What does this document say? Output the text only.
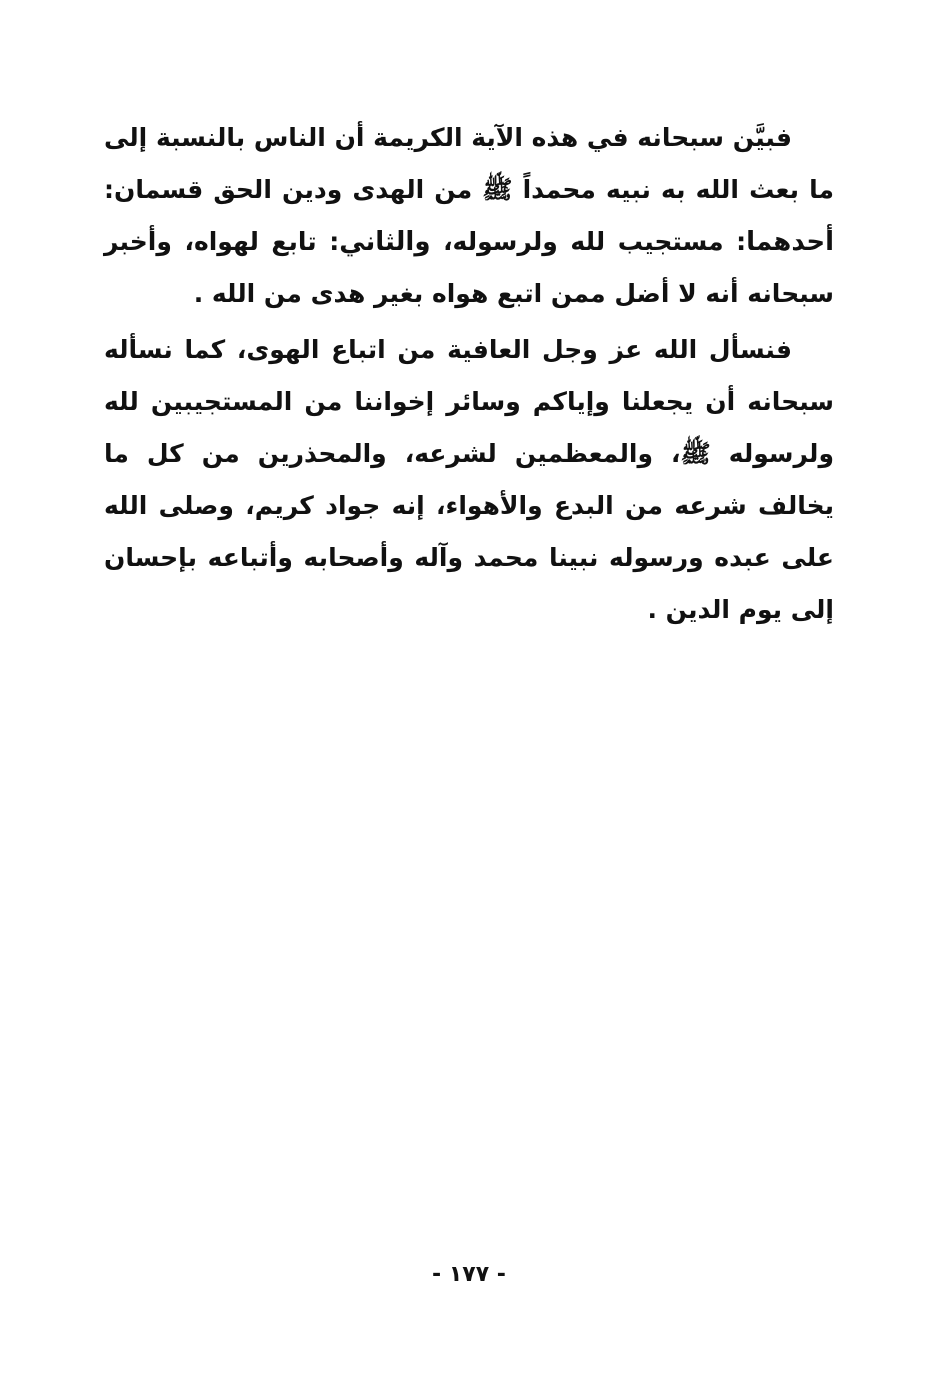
فبيَّن سبحانه في هذه الآية الكريمة أن الناس بالنسبة إلى ما بعث الله به نبيه محمداً ﷺ من الهدى ودين الحق قسمان: أحدهما: مستجيب لله ولرسوله، والثاني: تابع لهواه، وأخبر سبحانه أنه لا أضل ممن اتبع هواه بغير هدى من الله .

فنسأل الله عز وجل العافية من اتباع الهوى، كما نسأله سبحانه أن يجعلنا وإياكم وسائر إخواننا من المستجيبين لله ولرسوله ﷺ، والمعظمين لشرعه، والمحذرين من كل ما يخالف شرعه من البدع والأهواء، إنه جواد كريم، وصلى الله على عبده ورسوله نبينا محمد وآله وأصحابه وأتباعه بإحسان إلى يوم الدين .

- ١٧٧ -
